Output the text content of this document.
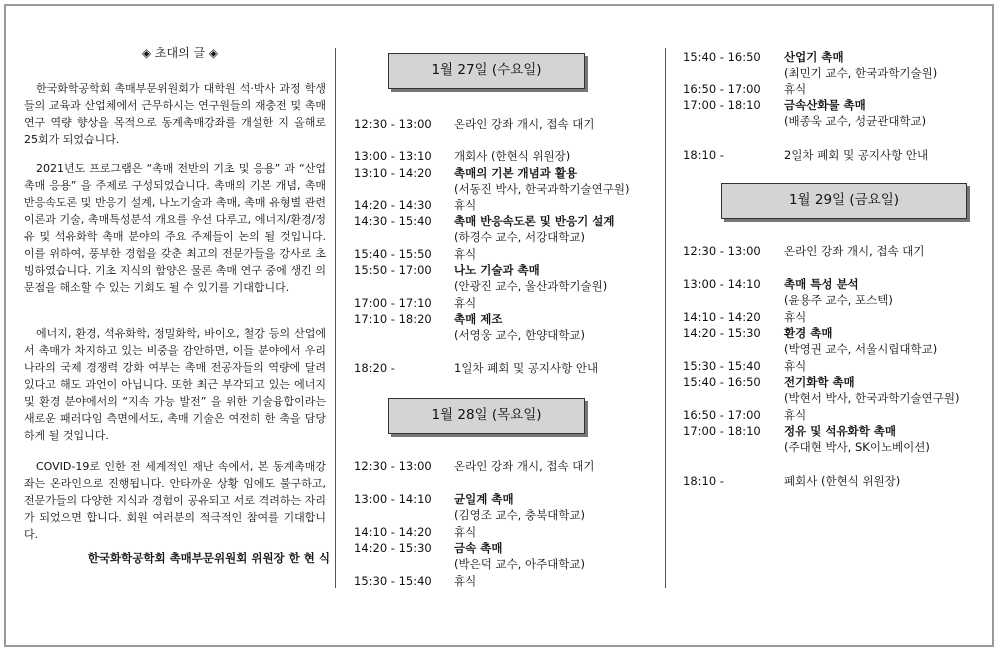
◈ 초대의 글 ◈
한국화학공학회 촉매부문위원회가 대학원 석·박사 과정 학생들의 교육과 산업체에서 근무하시는 연구원들의 재충전 및 촉매 연구 역량 향상을 목적으로 동계촉매강좌를 개설한 지 올해로 25회가 되었습니다.
2021년도 프로그램은 “촉매 전반의 기초 및 응용” 과 “산업 촉매 응용” 을 주제로 구성되었습니다. 촉매의 기본 개념, 촉매 반응속도론 및 반응기 설계, 나노기술과 촉매, 촉매 유형별 관련 이론과 기술, 촉매특성분석 개요를 우선 다루고, 에너지/환경/정유 및 석유화학 촉매 분야의 주요 주제들이 논의 될 것입니다. 이를 위하여, 풍부한 경험을 갖춘 최고의 전문가들을 강사로 초빙하였습니다. 기초 지식의 함양은 물론 촉매 연구 중에 생긴 의문점을 해소할 수 있는 기회도 될 수 있기를 기대합니다.
에너지, 환경, 석유화학, 정밀화학, 바이오, 철강 등의 산업에서 촉매가 차지하고 있는 비중을 감안하면, 이들 분야에서 우리나라의 국제 경쟁력 강화 여부는 촉매 전공자들의 역량에 달려 있다고 해도 과언이 아닙니다. 또한 최근 부각되고 있는 에너지 및 환경 분야에서의 “지속 가능 발전” 을 위한 기술융합이라는 새로운 패러다임 측면에서도, 촉매 기술은 여전히 한 축을 담당하게 될 것입니다.
COVID-19로 인한 전 세계적인 재난 속에서, 본 동계촉매강좌는 온라인으로 진행됩니다. 안타까운 상황 임에도 불구하고, 전문가들의 다양한 지식과 경험이 공유되고 서로 격려하는 자리가 되었으면 합니다. 회원 여러분의 적극적인 참여를 기대합니다.
한국화학공학회 촉매부문위원회 위원장 한 현 식
1월 27일 (수요일)
12:30 - 13:00 온라인 강좌 개시, 접속 대기
13:00 - 13:10 개회사 (한현식 위원장)
13:10 - 14:20 촉매의 기본 개념과 활용
(서동진 박사, 한국과학기술연구원)
14:20 - 14:30 휴식
14:30 - 15:40 촉매 반응속도론 및 반응기 설계
(하경수 교수, 서강대학교)
15:40 - 15:50 휴식
15:50 - 17:00 나노 기술과 촉매
(안광진 교수, 울산과학기술원)
17:00 - 17:10 휴식
17:10 - 18:20 촉매 제조
(서영웅 교수, 한양대학교)
18:20 -	1일차 폐회 및 공지사항 안내
1월 28일 (목요일)
12:30 - 13:00 온라인 강좌 개시, 접속 대기
13:00 - 14:10 균일계 촉매
(김영조 교수, 충북대학교)
14:10 - 14:20 휴식
14:20 - 15:30 금속 촉매
(박은덕 교수, 아주대학교)
15:30 - 15:40 휴식
15:40 - 16:50 산업기 촉매
(최민기 교수, 한국과학기술원)
16:50 - 17:00 휴식
17:00 - 18:10 금속산화물 촉매
(배종욱 교수, 성균관대학교)
18:10 -	2일차 폐회 및 공지사항 안내
1월 29일 (금요일)
12:30 - 13:00 온라인 강좌 개시, 접속 대기
13:00 - 14:10 촉매 특성 분석
(윤용주 교수, 포스텍)
14:10 - 14:20 휴식
14:20 - 15:30 환경 촉매
(박영권 교수, 서울시립대학교)
15:30 - 15:40 휴식
15:40 - 16:50 전기화학 촉매
(박현서 박사, 한국과학기술연구원)
16:50 - 17:00 휴식
17:00 - 18:10 정유 및 석유화학 촉매
(주대현 박사, SK이노베이션)
18:10 -	폐회사 (한현식 위원장)
